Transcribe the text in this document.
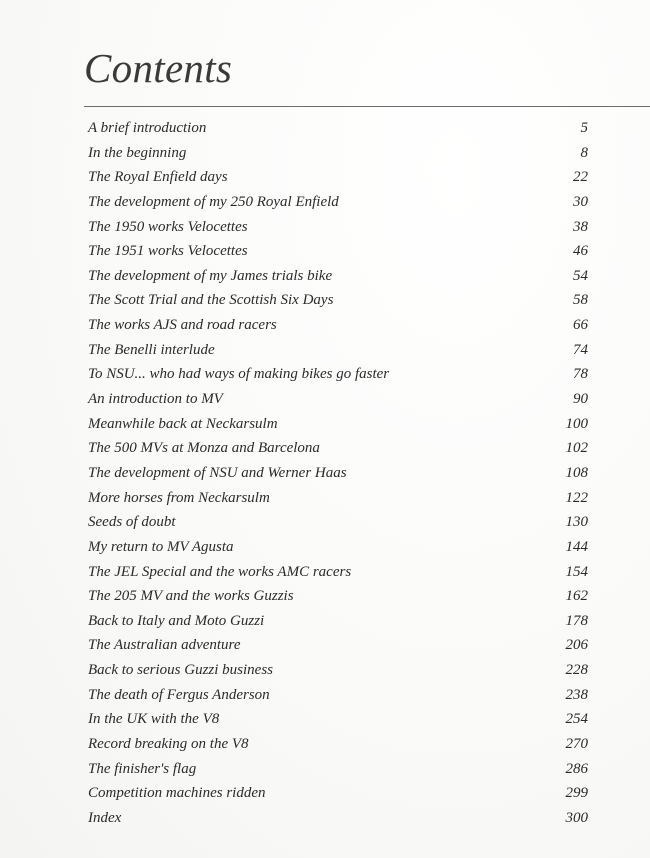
Contents
A brief introduction	5
In the beginning	8
The Royal Enfield days	22
The development of my 250 Royal Enfield	30
The 1950 works Velocettes	38
The 1951 works Velocettes	46
The development of my James trials bike	54
The Scott Trial and the Scottish Six Days	58
The works AJS and road racers	66
The Benelli interlude	74
To NSU... who had ways of making bikes go faster	78
An introduction to MV	90
Meanwhile back at Neckarsulm	100
The 500 MVs at Monza and Barcelona	102
The development of NSU and Werner Haas	108
More horses from Neckarsulm	122
Seeds of doubt	130
My return to MV Agusta	144
The JEL Special and the works AMC racers	154
The 205 MV and the works Guzzis	162
Back to Italy and Moto Guzzi	178
The Australian adventure	206
Back to serious Guzzi business	228
The death of Fergus Anderson	238
In the UK with the V8	254
Record breaking on the V8	270
The finisher's flag	286
Competition machines ridden	299
Index	300
